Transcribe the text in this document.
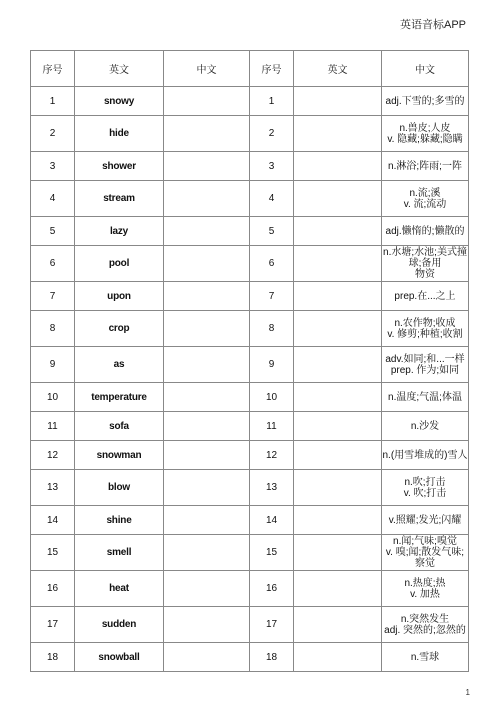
英语音标APP
序号	英文	中文	序号	英文	中文
1	snowy		1		adj.下雪的;多雪的

2	hide		2		n.兽皮;人皮
v. 隐藏;躲藏;隐瞒

3	shower		3		n.淋浴;阵雨;一阵

4	stream		4		n.流;溪
v. 流;流动

5	lazy		5		adj.懒惰的;懒散的

6	pool		6		n.水塘;水池;美式撞球;备用
物资

7	upon		7		prep.在...之上

8	crop		8		n.农作物;收成
v. 修剪;种植;收割

9	as		9		adv.如同;和...一样
prep. 作为;如同

10	temperature		10		n.温度;气温;体温

11	sofa		11		n.沙发

12	snowman		12		n.(用雪堆成的)雪人

13	blow		13		n.吹;打击
v. 吹;打击

14	shine		14		v.照耀;发光;闪耀

15	smell		15		n.闻;气味;嗅觉
v. 嗅;闻;散发气味;察觉

16	heat		16		n.热度;热
v. 加热

17	sudden		17		n.突然发生
adj. 突然的;忽然的

18	snowball		18		n.雪球
1
